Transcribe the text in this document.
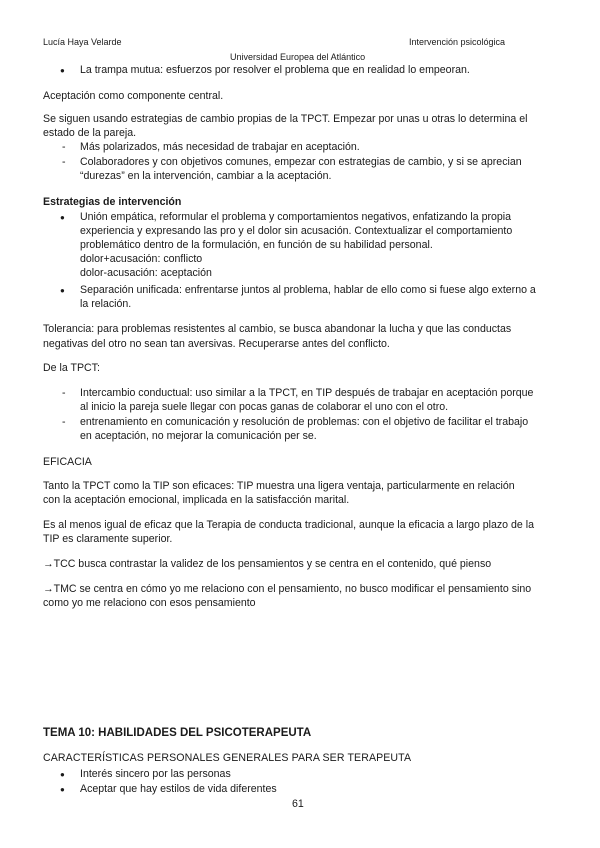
Lucía Haya Velarde	Intervención psicológica
Universidad Europea del Atlántico
● La trampa mutua: esfuerzos por resolver el problema que en realidad lo empeoran.
Aceptación como componente central.
Se siguen usando estrategias de cambio propias de la TPCT. Empezar por unas u otras lo determina el
estado de la pareja.
- Más polarizados, más necesidad de trabajar en aceptación.
- Colaboradores y con objetivos comunes, empezar con estrategias de cambio, y si se aprecian
“durezas” en la intervención, cambiar a la aceptación.
Estrategias de intervención
● Unión empática, reformular el problema y comportamientos negativos, enfatizando la propia
experiencia y expresando las pro y el dolor sin acusación. Contextualizar el comportamiento
problemático dentro de la formulación, en función de su habilidad personal.
dolor+acusación: conflicto
dolor-acusación: aceptación
● Separación unificada: enfrentarse juntos al problema, hablar de ello como si fuese algo externo a
la relación.
Tolerancia: para problemas resistentes al cambio, se busca abandonar la lucha y que las conductas
negativas del otro no sean tan aversivas. Recuperarse antes del conflicto.
De la TPCT:
- Intercambio conductual: uso similar a la TPCT, en TIP después de trabajar en aceptación porque
al inicio la pareja suele llegar con pocas ganas de colaborar el uno con el otro.
- entrenamiento en comunicación y resolución de problemas: con el objetivo de facilitar el trabajo
en aceptación, no mejorar la comunicación per se.
EFICACIA
Tanto la TPCT como la TIP son eficaces: TIP muestra una ligera ventaja, particularmente en relación
con la aceptación emocional, implicada en la satisfacción marital.
Es al menos igual de eficaz que la Terapia de conducta tradicional, aunque la eficacia a largo plazo de la
TIP es claramente superior.
→TCC busca contrastar la validez de los pensamientos y se centra en el contenido, qué pienso
→TMC se centra en cómo yo me relaciono con el pensamiento, no busco modificar el pensamiento sino
como yo me relaciono con esos pensamiento
TEMA 10: HABILIDADES DEL PSICOTERAPEUTA
CARACTERÍSTICAS PERSONALES GENERALES PARA SER TERAPEUTA
● Interés sincero por las personas
● Aceptar que hay estilos de vida diferentes
61
